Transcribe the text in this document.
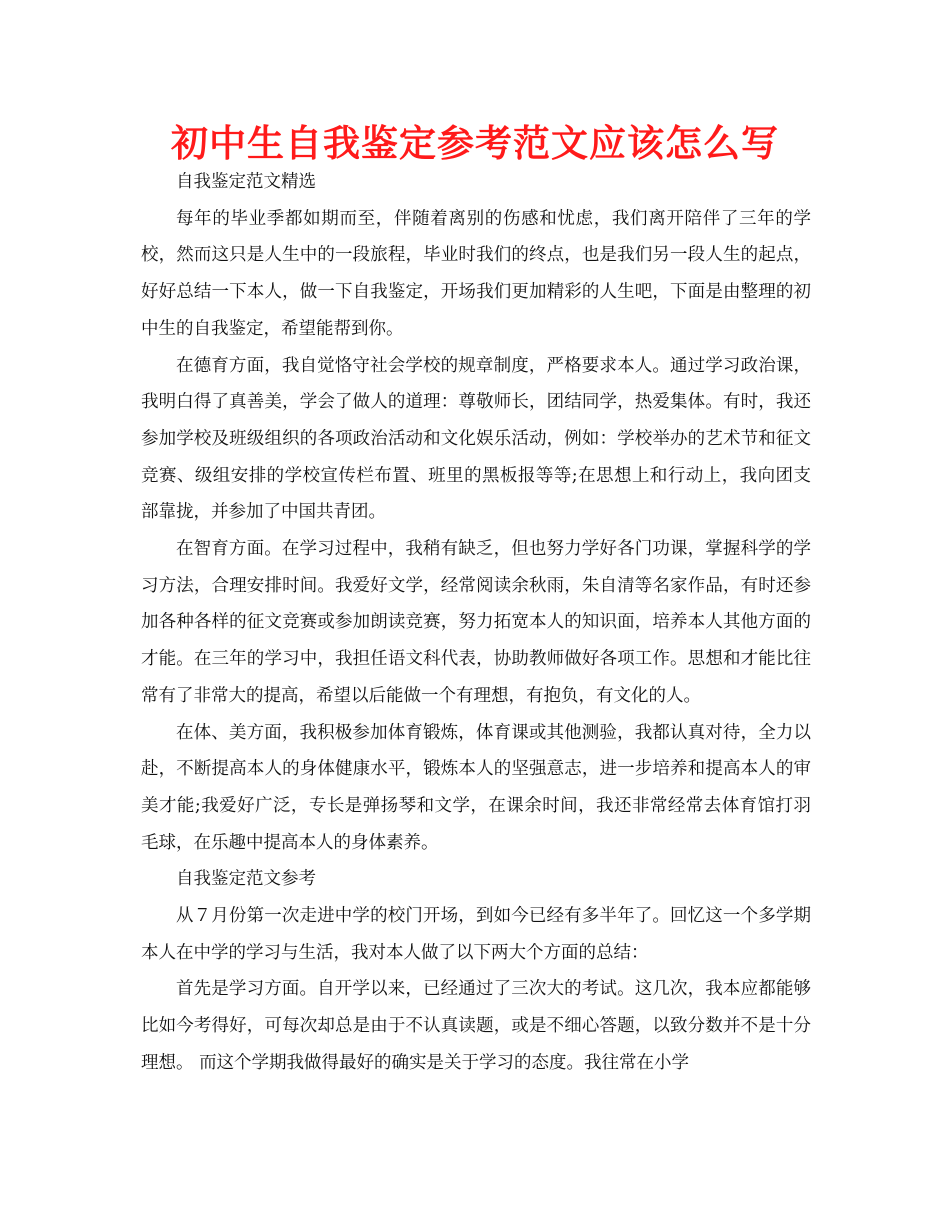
初中生自我鉴定参考范文应该怎么写

自我鉴定范文精选

每年的毕业季都如期而至，伴随着离别的伤感和忧虑，我们离开陪伴了三年的学校，然而这只是人生中的一段旅程，毕业时我们的终点，也是我们另一段人生的起点，好好总结一下本人，做一下自我鉴定，开场我们更加精彩的人生吧，下面是由整理的初中生的自我鉴定，希望能帮到你。

在德育方面，我自觉恪守社会学校的规章制度，严格要求本人。通过学习政治课，我明白得了真善美，学会了做人的道理：尊敬师长，团结同学，热爱集体。有时，我还参加学校及班级组织的各项政治活动和文化娱乐活动，例如：学校举办的艺术节和征文竞赛、级组安排的学校宣传栏布置、班里的黑板报等等;在思想上和行动上，我向团支部靠拢，并参加了中国共青团。

在智育方面。在学习过程中，我稍有缺乏，但也努力学好各门功课，掌握科学的学习方法，合理安排时间。我爱好文学，经常阅读余秋雨，朱自清等名家作品，有时还参加各种各样的征文竞赛或参加朗读竞赛，努力拓宽本人的知识面，培养本人其他方面的才能。在三年的学习中，我担任语文科代表，协助教师做好各项工作。思想和才能比往常有了非常大的提高，希望以后能做一个有理想，有抱负，有文化的人。

在体、美方面，我积极参加体育锻炼，体育课或其他测验，我都认真对待，全力以赴，不断提高本人的身体健康水平，锻炼本人的坚强意志，进一步培养和提高本人的审美才能;我爱好广泛，专长是弹扬琴和文学，在课余时间，我还非常经常去体育馆打羽毛球，在乐趣中提高本人的身体素养。

自我鉴定范文参考

从７月份第一次走进中学的校门开场，到如今已经有多半年了。回忆这一个多学期本人在中学的学习与生活，我对本人做了以下两大个方面的总结：

首先是学习方面。自开学以来，已经通过了三次大的考试。这几次，我本应都能够比如今考得好，可每次却总是由于不认真读题，或是不细心答题，以致分数并不是十分理想。 而这个学期我做得最好的确实是关于学习的态度。我往常在小学
